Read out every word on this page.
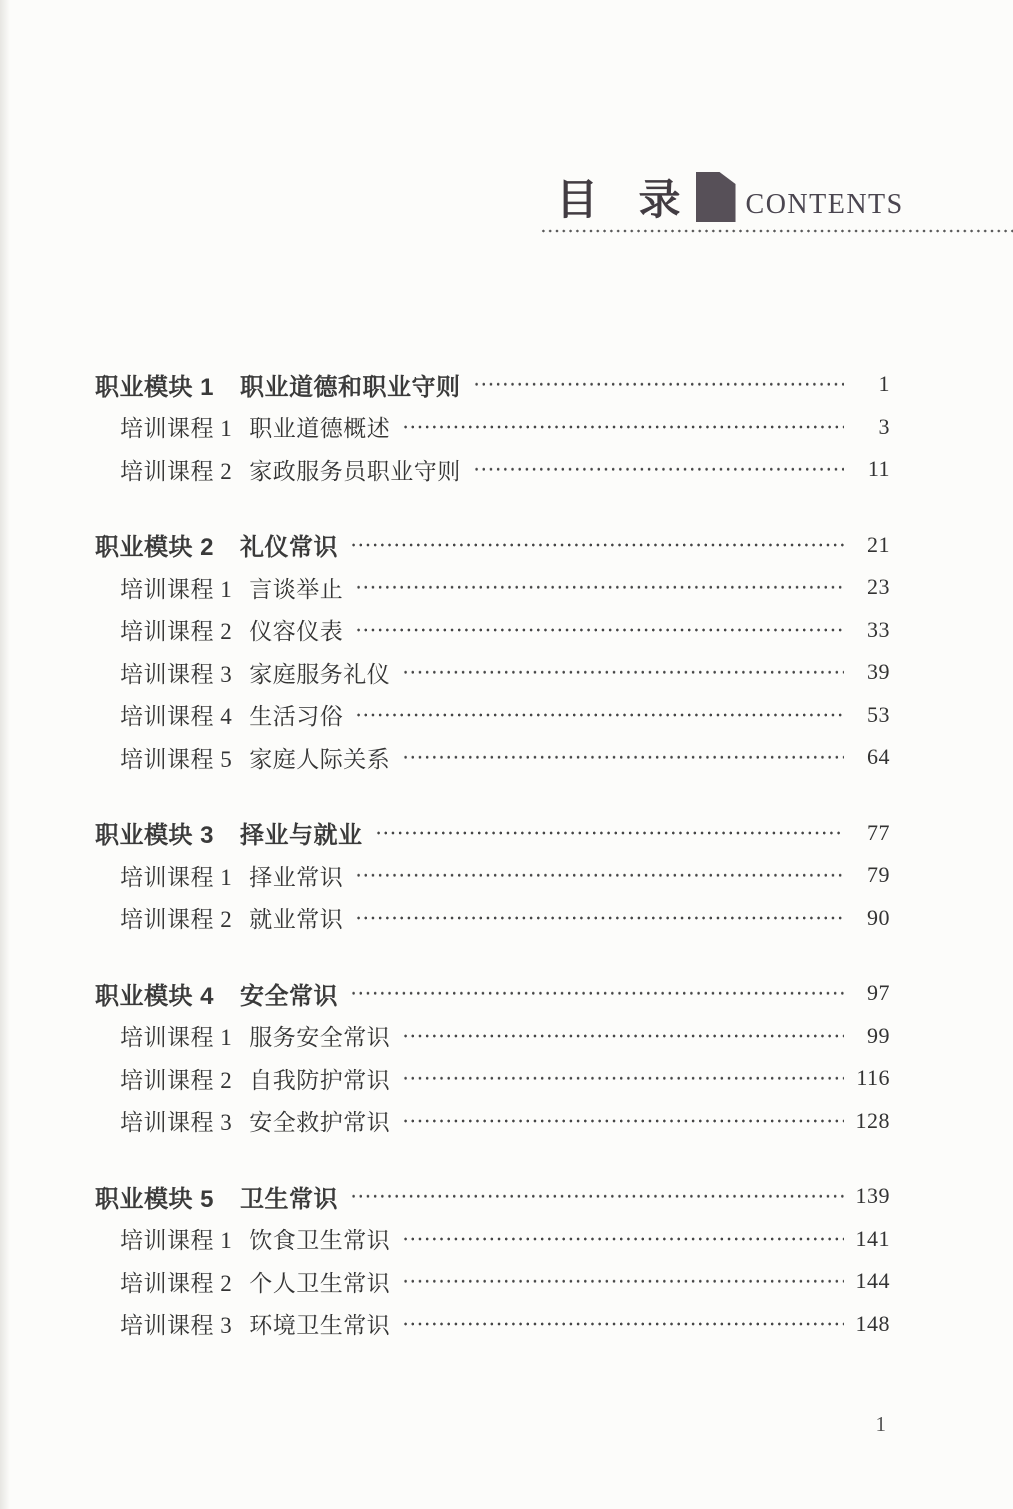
目 录 CONTENTS
职业模块 1 职业道德和职业守则	1
培训课程 1 职业道德概述	3
培训课程 2 家政服务员职业守则	11
职业模块 2 礼仪常识	21
培训课程 1 言谈举止	23
培训课程 2 仪容仪表	33
培训课程 3 家庭服务礼仪	39
培训课程 4 生活习俗	53
培训课程 5 家庭人际关系	64
职业模块 3 择业与就业	77
培训课程 1 择业常识	79
培训课程 2 就业常识	90
职业模块 4 安全常识	97
培训课程 1 服务安全常识	99
培训课程 2 自我防护常识	116
培训课程 3 安全救护常识	128
职业模块 5 卫生常识	139
培训课程 1 饮食卫生常识	141
培训课程 2 个人卫生常识	144
培训课程 3 环境卫生常识	148
1
